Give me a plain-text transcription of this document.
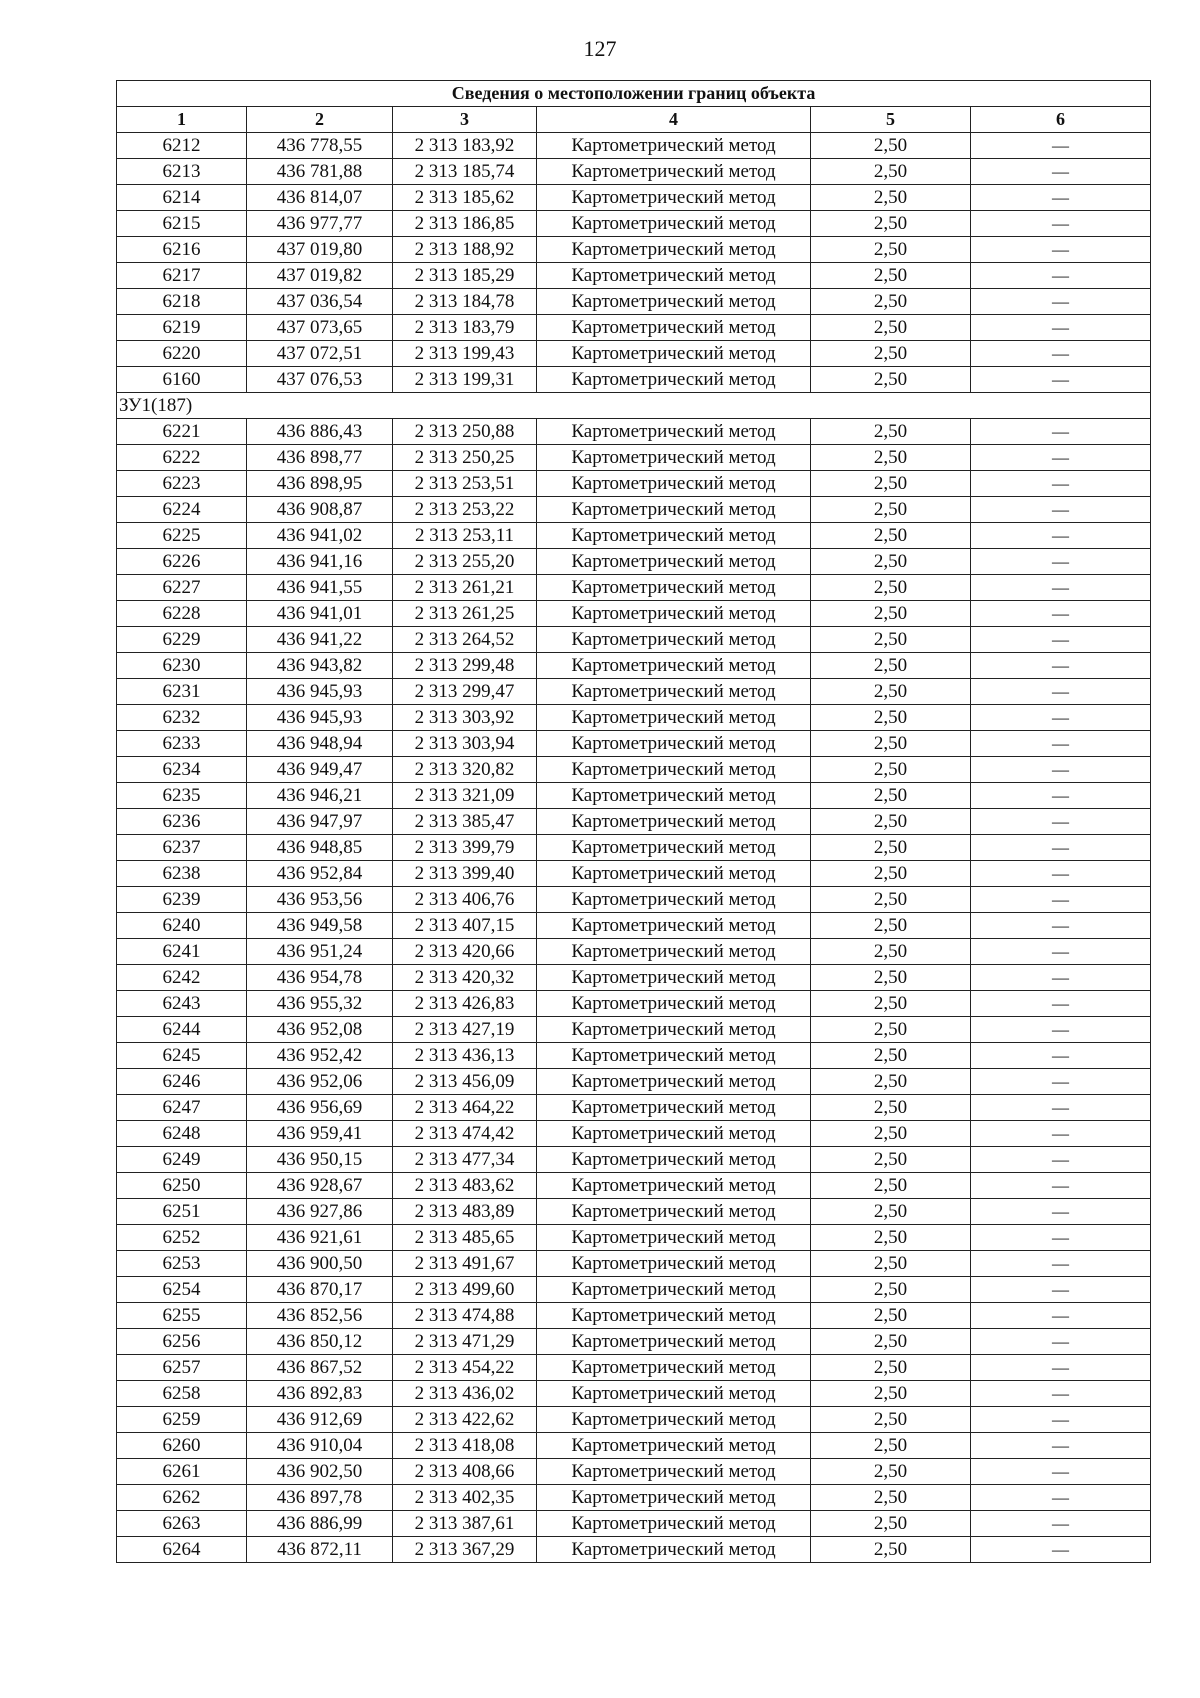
127
Сведения о местоположении границ объекта					
1	2	3	4	5	6
6212	436 778,55	2 313 183,92	Картометрический метод	2,50	—
6213	436 781,88	2 313 185,74	Картометрический метод	2,50	—
6214	436 814,07	2 313 185,62	Картометрический метод	2,50	—
6215	436 977,77	2 313 186,85	Картометрический метод	2,50	—
6216	437 019,80	2 313 188,92	Картометрический метод	2,50	—
6217	437 019,82	2 313 185,29	Картометрический метод	2,50	—
6218	437 036,54	2 313 184,78	Картометрический метод	2,50	—
6219	437 073,65	2 313 183,79	Картометрический метод	2,50	—
6220	437 072,51	2 313 199,43	Картометрический метод	2,50	—
6160	437 076,53	2 313 199,31	Картометрический метод	2,50	—
ЗУ1(187)					
6221	436 886,43	2 313 250,88	Картометрический метод	2,50	—
6222	436 898,77	2 313 250,25	Картометрический метод	2,50	—
6223	436 898,95	2 313 253,51	Картометрический метод	2,50	—
6224	436 908,87	2 313 253,22	Картометрический метод	2,50	—
6225	436 941,02	2 313 253,11	Картометрический метод	2,50	—
6226	436 941,16	2 313 255,20	Картометрический метод	2,50	—
6227	436 941,55	2 313 261,21	Картометрический метод	2,50	—
6228	436 941,01	2 313 261,25	Картометрический метод	2,50	—
6229	436 941,22	2 313 264,52	Картометрический метод	2,50	—
6230	436 943,82	2 313 299,48	Картометрический метод	2,50	—
6231	436 945,93	2 313 299,47	Картометрический метод	2,50	—
6232	436 945,93	2 313 303,92	Картометрический метод	2,50	—
6233	436 948,94	2 313 303,94	Картометрический метод	2,50	—
6234	436 949,47	2 313 320,82	Картометрический метод	2,50	—
6235	436 946,21	2 313 321,09	Картометрический метод	2,50	—
6236	436 947,97	2 313 385,47	Картометрический метод	2,50	—
6237	436 948,85	2 313 399,79	Картометрический метод	2,50	—
6238	436 952,84	2 313 399,40	Картометрический метод	2,50	—
6239	436 953,56	2 313 406,76	Картометрический метод	2,50	—
6240	436 949,58	2 313 407,15	Картометрический метод	2,50	—
6241	436 951,24	2 313 420,66	Картометрический метод	2,50	—
6242	436 954,78	2 313 420,32	Картометрический метод	2,50	—
6243	436 955,32	2 313 426,83	Картометрический метод	2,50	—
6244	436 952,08	2 313 427,19	Картометрический метод	2,50	—
6245	436 952,42	2 313 436,13	Картометрический метод	2,50	—
6246	436 952,06	2 313 456,09	Картометрический метод	2,50	—
6247	436 956,69	2 313 464,22	Картометрический метод	2,50	—
6248	436 959,41	2 313 474,42	Картометрический метод	2,50	—
6249	436 950,15	2 313 477,34	Картометрический метод	2,50	—
6250	436 928,67	2 313 483,62	Картометрический метод	2,50	—
6251	436 927,86	2 313 483,89	Картометрический метод	2,50	—
6252	436 921,61	2 313 485,65	Картометрический метод	2,50	—
6253	436 900,50	2 313 491,67	Картометрический метод	2,50	—
6254	436 870,17	2 313 499,60	Картометрический метод	2,50	—
6255	436 852,56	2 313 474,88	Картометрический метод	2,50	—
6256	436 850,12	2 313 471,29	Картометрический метод	2,50	—
6257	436 867,52	2 313 454,22	Картометрический метод	2,50	—
6258	436 892,83	2 313 436,02	Картометрический метод	2,50	—
6259	436 912,69	2 313 422,62	Картометрический метод	2,50	—
6260	436 910,04	2 313 418,08	Картометрический метод	2,50	—
6261	436 902,50	2 313 408,66	Картометрический метод	2,50	—
6262	436 897,78	2 313 402,35	Картометрический метод	2,50	—
6263	436 886,99	2 313 387,61	Картометрический метод	2,50	—
6264	436 872,11	2 313 367,29	Картометрический метод	2,50	—
